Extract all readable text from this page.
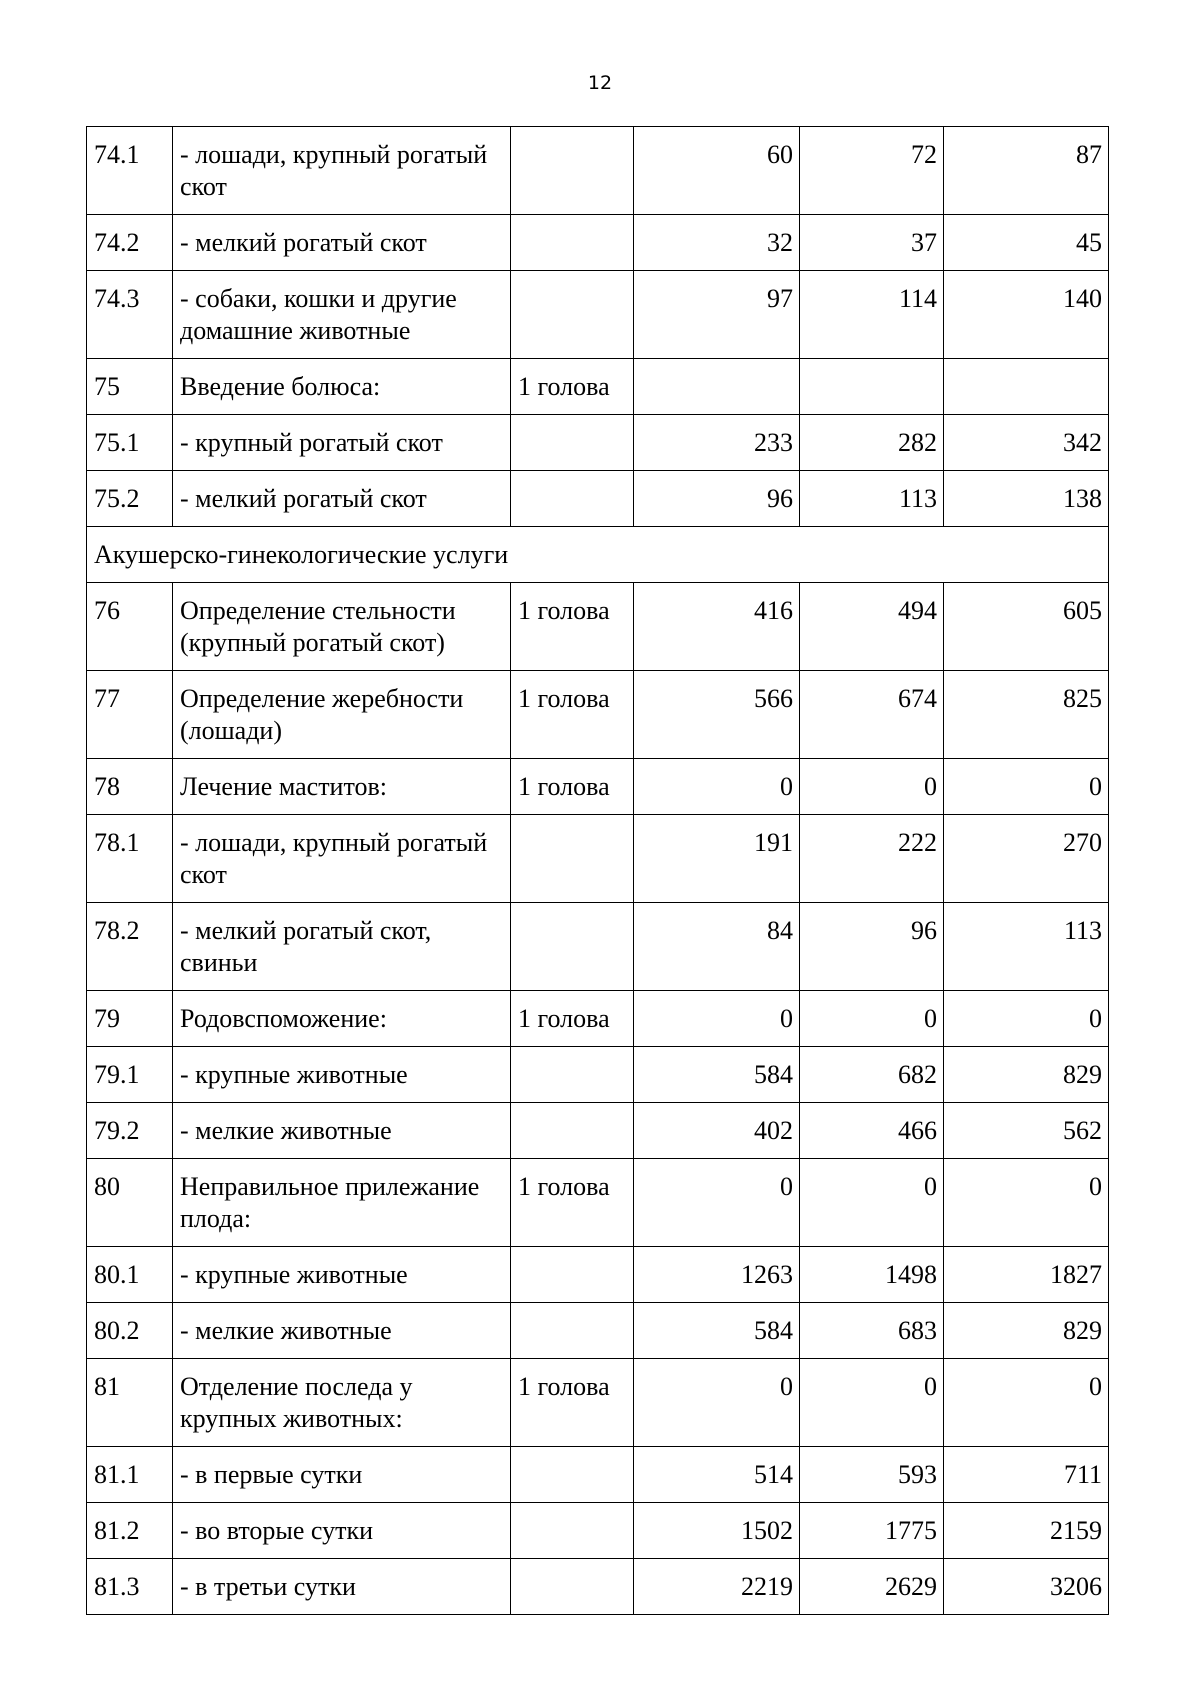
12
74.1	- лошади, крупный рогатый скот		60	72	87
74.2	- мелкий рогатый скот		32	37	45
74.3	- собаки, кошки и другие домашние животные		97	114	140
75	Введение болюса:	1 голова			
75.1	- крупный рогатый скот		233	282	342
75.2	- мелкий рогатый скот		96	113	138
Акушерско-гинекологические услуги					
76	Определение стельности (крупный рогатый скот)	1 голова	416	494	605
77	Определение жеребности (лошади)	1 голова	566	674	825
78	Лечение маститов:	1 голова	0	0	0
78.1	- лошади, крупный рогатый скот		191	222	270
78.2	- мелкий рогатый скот, свиньи		84	96	113
79	Родовспоможение:	1 голова	0	0	0
79.1	- крупные животные		584	682	829
79.2	- мелкие животные		402	466	562
80	Неправильное прилежание плода:	1 голова	0	0	0
80.1	- крупные животные		1263	1498	1827
80.2	- мелкие животные		584	683	829
81	Отделение последа у крупных животных:	1 голова	0	0	0
81.1	- в первые сутки		514	593	711
81.2	- во вторые сутки		1502	1775	2159
81.3	- в третьи сутки		2219	2629	3206
